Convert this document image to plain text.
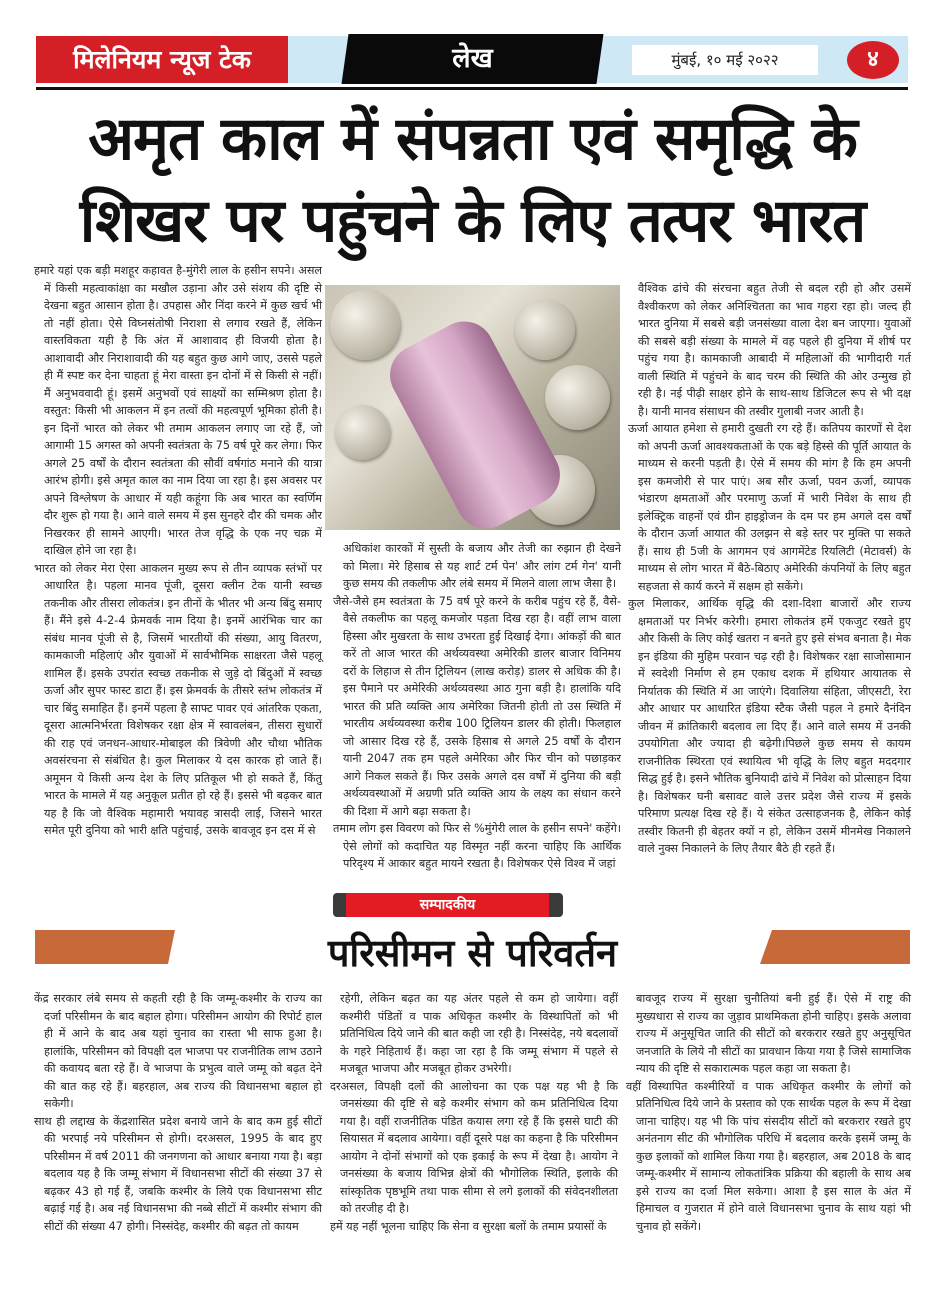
मिलेनियम न्यूज टेक	लेख	मुंबई, १० मई २०२२	४
अमृत काल में संपन्नता एवं समृद्धि के
शिखर पर पहुंचने के लिए तत्पर भारत

हमारे यहां एक बड़ी मशहूर कहावत है-मुंगेरी लाल के हसीन सपने। असल में किसी महत्वाकांक्षा का मखौल उड़ाना और उसे संशय की दृष्टि से देखना बहुत आसान होता है। उपहास और निंदा करने में कुछ खर्च भी तो नहीं होता। ऐसे विघ्नसंतोषी निराशा से लगाव रखते हैं, लेकिन वास्तविकता यही है कि अंत में आशावाद ही विजयी होता है। आशावादी और निराशावादी की यह बहुत कुछ आगे जाए, उससे पहले ही मैं स्पष्ट कर देना चाहता हूं मेरा वास्ता इन दोनों में से किसी से नहीं। मैं अनुभववादी हूं। इसमें अनुभवों एवं साक्ष्यों का सम्मिश्रण होता है। वस्तुत: किसी भी आकलन में इन तत्वों की महत्वपूर्ण भूमिका होती है। इन दिनों भारत को लेकर भी तमाम आकलन लगाए जा रहे हैं, जो आगामी 15 अगस्त को अपनी स्वतंत्रता के 75 वर्ष पूरे कर लेगा। फिर अगले 25 वर्षों के दौरान स्वतंत्रता की सौवीं वर्षगांठ मनाने की यात्रा आरंभ होगी। इसे अमृत काल का नाम दिया जा रहा है। इस अवसर पर अपने विश्लेषण के आधार में यही कहूंगा कि अब भारत का स्वर्णिम दौर शुरू हो गया है। आने वाले समय में इस सुनहरे दौर की चमक और निखरकर ही सामने आएगी। भारत तेज वृद्धि के एक नए चक्र में दाखिल होने जा रहा है।

भारत को लेकर मेरा ऐसा आकलन मुख्य रूप से तीन व्यापक स्तंभों पर आधारित है। पहला मानव पूंजी, दूसरा क्लीन टेक यानी स्वच्छ तकनीक और तीसरा लोकतंत्र। इन तीनों के भीतर भी अन्य बिंदु समाए हैं। मैंने इसे 4-2-4 फ्रेमवर्क नाम दिया है। इनमें आरंभिक चार का संबंध मानव पूंजी से है, जिसमें भारतीयों की संख्या, आयु वितरण, कामकाजी महिलाएं और युवाओं में सार्वभौमिक साक्षरता जैसे पहलू शामिल हैं। इसके उपरांत स्वच्छ तकनीक से जुड़े दो बिंदुओं में स्वच्छ ऊर्जा और सुपर फास्ट डाटा हैं। इस फ्रेमवर्क के तीसरे स्तंभ लोकतंत्र में चार बिंदु समाहित हैं। इनमें पहला है साफ्ट पावर एवं आंतरिक एकता, दूसरा आत्मनिर्भरता विशेषकर रक्षा क्षेत्र में स्वावलंबन, तीसरा सुधारों की राह एवं जनधन-आधार-मोबाइल की त्रिवेणी और चौथा भौतिक अवसंरचना से संबंधित है। कुल मिलाकर ये दस कारक हो जाते हैं। अमूमन ये किसी अन्य देश के लिए प्रतिकूल भी हो सकते हैं, किंतु भारत के मामले में यह अनुकूल प्रतीत हो रहे हैं। इससे भी बढ़कर बात यह है कि जो वैश्विक महामारी भयावह त्रासदी लाई, जिसने भारत समेत पूरी दुनिया को भारी क्षति पहुंचाई, उसके बावजूद इन दस में से

अधिकांश कारकों में सुस्ती के बजाय और तेजी का रुझान ही देखने को मिला। मेरे हिसाब से यह शार्ट टर्म पेन' और लांग टर्म गेन' यानी कुछ समय की तकलीफ और लंबे समय में मिलने वाला लाभ जैसा है।

जैसे-जैसे हम स्वतंत्रता के 75 वर्ष पूरे करने के करीब पहुंच रहे हैं, वैसे-वैसे तकलीफ का पहलू कमजोर पड़ता दिख रहा है। वहीं लाभ वाला हिस्सा और मुखरता के साथ उभरता हुई दिखाई देगा। आंकड़ों की बात करें तो आज भारत की अर्थव्यवस्था अमेरिकी डालर बाजार विनिमय दरों के लिहाज से तीन ट्रिलियन (लाख करोड़) डालर से अधिक की है। इस पैमाने पर अमेरिकी अर्थव्यवस्था आठ गुना बड़ी है। हालांकि यदि भारत की प्रति व्यक्ति आय अमेरिका जितनी होती तो उस स्थिति में भारतीय अर्थव्यवस्था करीब 100 ट्रिलियन डालर की होती। फिलहाल जो आसार दिख रहे हैं, उसके हिसाब से अगले 25 वर्षों के दौरान यानी 2047 तक हम पहले अमेरिका और फिर चीन को पछाड़कर आगे निकल सकते हैं। फिर उसके अगले दस वर्षों में दुनिया की बड़ी अर्थव्यवस्थाओं में अग्रणी प्रति व्यक्ति आय के लक्ष्य का संधान करने की दिशा में आगे बढ़ा सकता है।

तमाम लोग इस विवरण को फिर से %मुंगेरी लाल के हसीन सपने' कहेंगे। ऐसे लोगों को कदाचित यह विस्मृत नहीं करना चाहिए कि आर्थिक परिदृश्य में आकार बहुत मायने रखता है। विशेषकर ऐसे विश्व में जहां

वैश्विक ढांचे की संरचना बहुत तेजी से बदल रही हो और उसमें वैश्वीकरण को लेकर अनिश्चितता का भाव गहरा रहा हो। जल्द ही भारत दुनिया में सबसे बड़ी जनसंख्या वाला देश बन जाएगा। युवाओं की सबसे बड़ी संख्या के मामले में वह पहले ही दुनिया में शीर्ष पर पहुंच गया है। कामकाजी आबादी में महिलाओं की भागीदारी गर्त वाली स्थिति में पहुंचने के बाद चरम की स्थिति की ओर उन्मुख हो रही है। नई पीढ़ी साक्षर होने के साथ-साथ डिजिटल रूप से भी दक्ष है। यानी मानव संसाधन की तस्वीर गुलाबी नजर आती है।

ऊर्जा आयात हमेशा से हमारी दुखती रग रहे हैं। कतिपय कारणों से देश को अपनी ऊर्जा आवश्यकताओं के एक बड़े हिस्से की पूर्ति आयात के माध्यम से करनी पड़ती है। ऐसे में समय की मांग है कि हम अपनी इस कमजोरी से पार पाएं। अब सौर ऊर्जा, पवन ऊर्जा, व्यापक भंडारण क्षमताओं और परमाणु ऊर्जा में भारी निवेश के साथ ही इलेक्ट्रिक वाहनों एवं ग्रीन हाइड्रोजन के दम पर हम अगले दस वर्षों के दौरान ऊर्जा आयात की उलझन से बड़े स्तर पर मुक्ति पा सकते हैं। साथ ही 5जी के आगमन एवं आगमेंटेड रियलिटी (मेटावर्स) के माध्यम से लोग भारत में बैठे-बिठाए अमेरिकी कंपनियों के लिए बहुत सहजता से कार्य करने में सक्षम हो सकेंगे।

कुल मिलाकर, आर्थिक वृद्धि की दशा-दिशा बाजारों और राज्य क्षमताओं पर निर्भर करेगी। हमारा लोकतंत्र हमें एकजुट रखते हुए और किसी के लिए कोई खतरा न बनते हुए इसे संभव बनाता है। मेक इन इंडिया की मुहिम परवान चढ़ रही है। विशेषकर रक्षा साजोसामान में स्वदेशी निर्माण से हम एकाध दशक में हथियार आयातक से निर्यातक की स्थिति में आ जाएंगे। दिवालिया संहिता, जीएसटी, रेरा और आधार पर आधारित इंडिया स्टैक जैसी पहल ने हमारे दैनंदिन जीवन में क्रांतिकारी बदलाव ला दिए हैं। आने वाले समय में उनकी उपयोगिता और ज्यादा ही बढ़ेगी।पिछले कुछ समय से कायम राजनीतिक स्थिरता एवं स्थायित्व भी वृद्धि के लिए बहुत मददगार सिद्ध हुई है। इसने भौतिक बुनियादी ढांचे में निवेश को प्रोत्साहन दिया है। विशेषकर घनी बसावट वाले उत्तर प्रदेश जैसे राज्य में इसके परिमाण प्रत्यक्ष दिख रहे हैं। ये संकेत उत्साहजनक है, लेकिन कोई तस्वीर कितनी ही बेहतर क्यों न हो, लेकिन उसमें मीनमेख निकालने वाले नुक्स निकालने के लिए तैयार बैठे ही रहते हैं।

सम्पादकीय
परिसीमन से परिवर्तन

केंद्र सरकार लंबे समय से कहती रही है कि जम्मू-कश्मीर के राज्य का दर्जा परिसीमन के बाद बहाल होगा। परिसीमन आयोग की रिपोर्ट हाल ही में आने के बाद अब यहां चुनाव का रास्ता भी साफ हुआ है। हालांकि, परिसीमन को विपक्षी दल भाजपा पर राजनीतिक लाभ उठाने की कवायद बता रहे हैं। वे भाजपा के प्रभुत्व वाले जम्मू को बढ़त देने की बात कह रहे हैं। बहरहाल, अब राज्य की विधानसभा बहाल हो सकेगी।

साथ ही लद्दाख के केंद्रशासित प्रदेश बनाये जाने के बाद कम हुई सीटों की भरपाई नये परिसीमन से होगी। दरअसल, 1995 के बाद हुए परिसीमन में वर्ष 2011 की जनगणना को आधार बनाया गया है। बड़ा बदलाव यह है कि जम्मू संभाग में विधानसभा सीटों की संख्या 37 से बढ़कर 43 हो गई हैं, जबकि कश्मीर के लिये एक विधानसभा सीट बढ़ाई गई है। अब नई विधानसभा की नब्बे सीटों में कश्मीर संभाग की सीटों की संख्या 47 होगी। निस्संदेह, कश्मीर की बढ़त तो कायम

रहेगी, लेकिन बढ़त का यह अंतर पहले से कम हो जायेगा। वहीं कश्मीरी पंडितों व पाक अधिकृत कश्मीर के विस्थापितों को भी प्रतिनिधित्व दिये जाने की बात कही जा रही है। निस्संदेह, नये बदलावों के गहरे निहितार्थ हैं। कहा जा रहा है कि जम्मू संभाग में पहले से मजबूत भाजपा और मजबूत होकर उभरेगी।

दरअसल, विपक्षी दलों की आलोचना का एक पक्ष यह भी है कि जनसंख्या की दृष्टि से बड़े कश्मीर संभाग को कम प्रतिनिधित्व दिया गया है। वहीं राजनीतिक पंडित कयास लगा रहे हैं कि इससे घाटी की सियासत में बदलाव आयेगा। वहीं दूसरे पक्ष का कहना है कि परिसीमन आयोग ने दोनों संभागों को एक इकाई के रूप में देखा है। आयोग ने जनसंख्या के बजाय विभिन्न क्षेत्रों की भौगोलिक स्थिति, इलाके की सांस्कृतिक पृष्ठभूमि तथा पाक सीमा से लगे इलाकों की संवेदनशीलता को तरजीह दी है।

हमें यह नहीं भूलना चाहिए कि सेना व सुरक्षा बलों के तमाम प्रयासों के

बावजूद राज्य में सुरक्षा चुनौतियां बनी हुई हैं। ऐसे में राष्ट्र की मुख्यधारा से राज्य का जुड़ाव प्राथमिकता होनी चाहिए। इसके अलावा राज्य में अनुसूचित जाति की सीटों को बरकरार रखते हुए अनुसूचित जनजाति के लिये नौ सीटों का प्रावधान किया गया है जिसे सामाजिक न्याय की दृष्टि से सकारात्मक पहल कहा जा सकता है।

वहीं विस्थापित कश्मीरियों व पाक अधिकृत कश्मीर के लोगों को प्रतिनिधित्व दिये जाने के प्रस्ताव को एक सार्थक पहल के रूप में देखा जाना चाहिए। यह भी कि पांच संसदीय सीटों को बरकरार रखते हुए अनंतनाग सीट की भौगोलिक परिधि में बदलाव करके इसमें जम्मू के कुछ इलाकों को शामिल किया गया है। बहरहाल, अब 2018 के बाद जम्मू-कश्मीर में सामान्य लोकतांत्रिक प्रक्रिया की बहाली के साथ अब इसे राज्य का दर्जा मिल सकेगा। आशा है इस साल के अंत में हिमाचल व गुजरात में होने वाले विधानसभा चुनाव के साथ यहां भी चुनाव हो सकेंगे।
